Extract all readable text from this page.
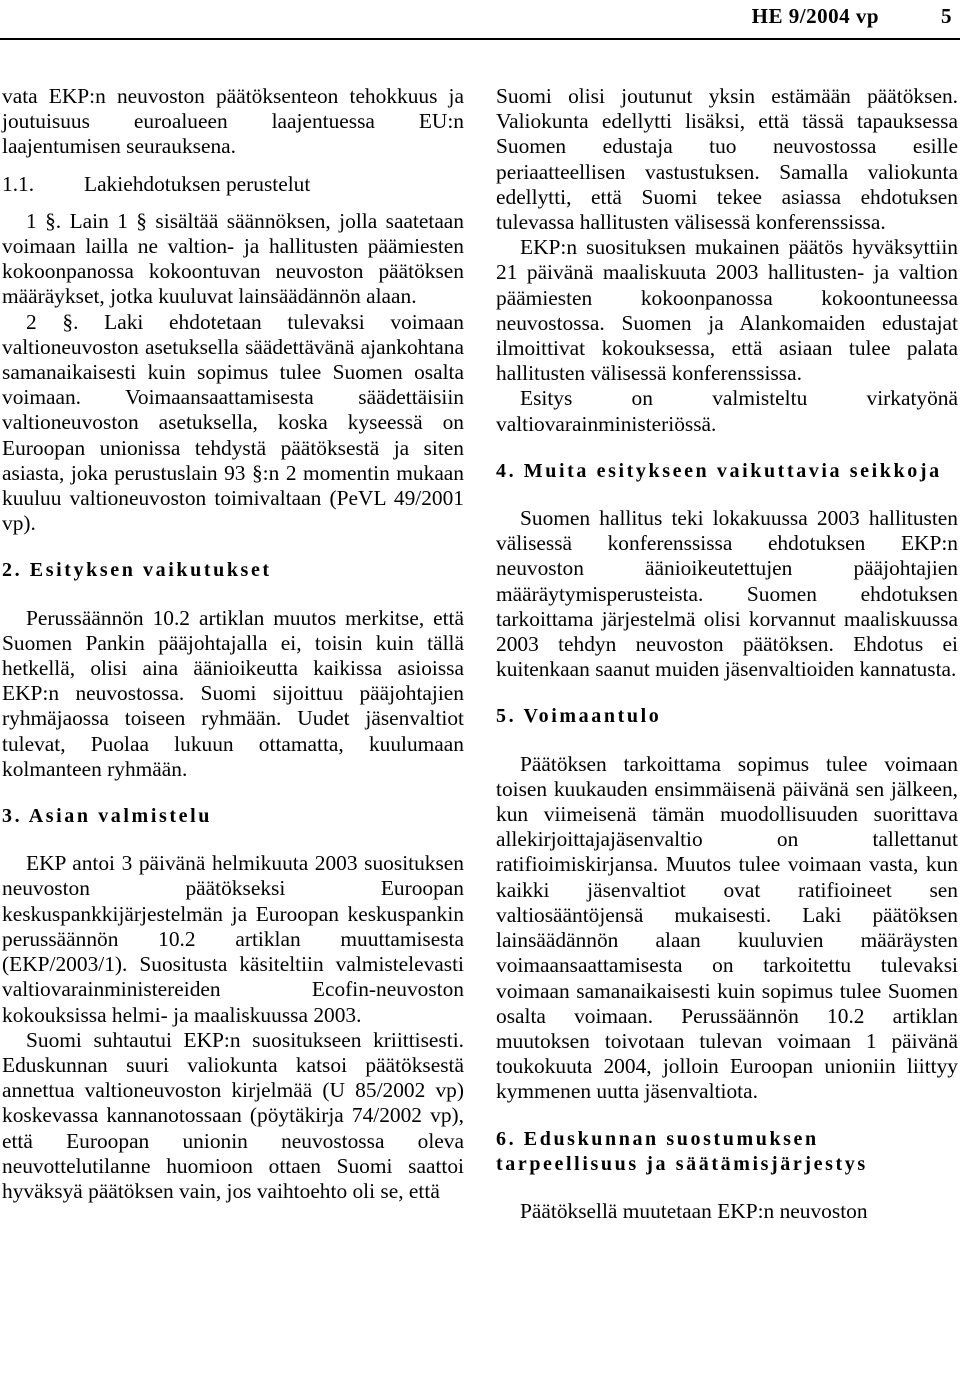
HE 9/2004 vp	5

vata EKP:n neuvoston päätöksenteon tehokkuus ja joutuisuus euroalueen laajentuessa EU:n laajentumisen seurauksena.

1.1. Lakiehdotuksen perustelut

1 §. Lain 1 § sisältää säännöksen, jolla saatetaan voimaan lailla ne valtion- ja hallitusten päämiesten kokoonpanossa kokoontuvan neuvoston päätöksen määräykset, jotka kuuluvat lainsäädännön alaan.

2 §. Laki ehdotetaan tulevaksi voimaan valtioneuvoston asetuksella säädettävänä ajankohtana samanaikaisesti kuin sopimus tulee Suomen osalta voimaan. Voimaansaattamisesta säädettäisiin valtioneuvoston asetuksella, koska kyseessä on Euroopan unionissa tehdystä päätöksestä ja siten asiasta, joka perustuslain 93 §:n 2 momentin mukaan kuuluu valtioneuvoston toimivaltaan (PeVL 49/2001 vp).

2. Esityksen vaikutukset

Perussäännön 10.2 artiklan muutos merkitse, että Suomen Pankin pääjohtajalla ei, toisin kuin tällä hetkellä, olisi aina äänioikeutta kaikissa asioissa EKP:n neuvostossa. Suomi sijoittuu pääjohtajien ryhmäjaossa toiseen ryhmään. Uudet jäsenvaltiot tulevat, Puolaa lukuun ottamatta, kuulumaan kolmanteen ryhmään.

3. Asian valmistelu

EKP antoi 3 päivänä helmikuuta 2003 suosituksen neuvoston päätökseksi Euroopan keskuspankkijärjestelmän ja Euroopan keskuspankin perussäännön 10.2 artiklan muuttamisesta (EKP/2003/1). Suositusta käsiteltiin valmistelevasti valtiovarainministereiden Ecofin-neuvoston kokouksissa helmi- ja maaliskuussa 2003.

Suomi suhtautui EKP:n suositukseen kriittisesti. Eduskunnan suuri valiokunta katsoi päätöksestä annettua valtioneuvoston kirjelmää (U 85/2002 vp) koskevassa kannanotossaan (pöytäkirja 74/2002 vp), että Euroopan unionin neuvostossa oleva neuvottelutilanne huomioon ottaen Suomi saattoi hyväksyä päätöksen vain, jos vaihtoehto oli se, että

Suomi olisi joutunut yksin estämään päätöksen. Valiokunta edellytti lisäksi, että tässä tapauksessa Suomen edustaja tuo neuvostossa esille periaatteellisen vastustuksen. Samalla valiokunta edellytti, että Suomi tekee asiassa ehdotuksen tulevassa hallitusten välisessä konferenssissa.

EKP:n suosituksen mukainen päätös hyväksyttiin 21 päivänä maaliskuuta 2003 hallitusten- ja valtion päämiesten kokoonpanossa kokoontuneessa neuvostossa. Suomen ja Alankomaiden edustajat ilmoittivat kokouksessa, että asiaan tulee palata hallitusten välisessä konferenssissa.

Esitys on valmisteltu virkatyönä valtiovarainministeriössä.

4. Muita esitykseen vaikuttavia seikkoja

Suomen hallitus teki lokakuussa 2003 hallitusten välisessä konferenssissa ehdotuksen EKP:n neuvoston äänioikeutettujen pääjohtajien määräytymisperusteista. Suomen ehdotuksen tarkoittama järjestelmä olisi korvannut maaliskuussa 2003 tehdyn neuvoston päätöksen. Ehdotus ei kuitenkaan saanut muiden jäsenvaltioiden kannatusta.

5. Voimaantulo

Päätöksen tarkoittama sopimus tulee voimaan toisen kuukauden ensimmäisenä päivänä sen jälkeen, kun viimeisenä tämän muodollisuuden suorittava allekirjoittajajäsenvaltio on tallettanut ratifioimiskirjansa. Muutos tulee voimaan vasta, kun kaikki jäsenvaltiot ovat ratifioineet sen valtiosääntöjensä mukaisesti. Laki päätöksen lainsäädännön alaan kuuluvien määräysten voimaansaattamisesta on tarkoitettu tulevaksi voimaan samanaikaisesti kuin sopimus tulee Suomen osalta voimaan. Perussäännön 10.2 artiklan muutoksen toivotaan tulevan voimaan 1 päivänä toukokuuta 2004, jolloin Euroopan unioniin liittyy kymmenen uutta jäsenvaltiota.

6. Eduskunnan suostumuksen tarpeellisuus ja säätämisjärjestys

Päätöksellä muutetaan EKP:n neuvoston
